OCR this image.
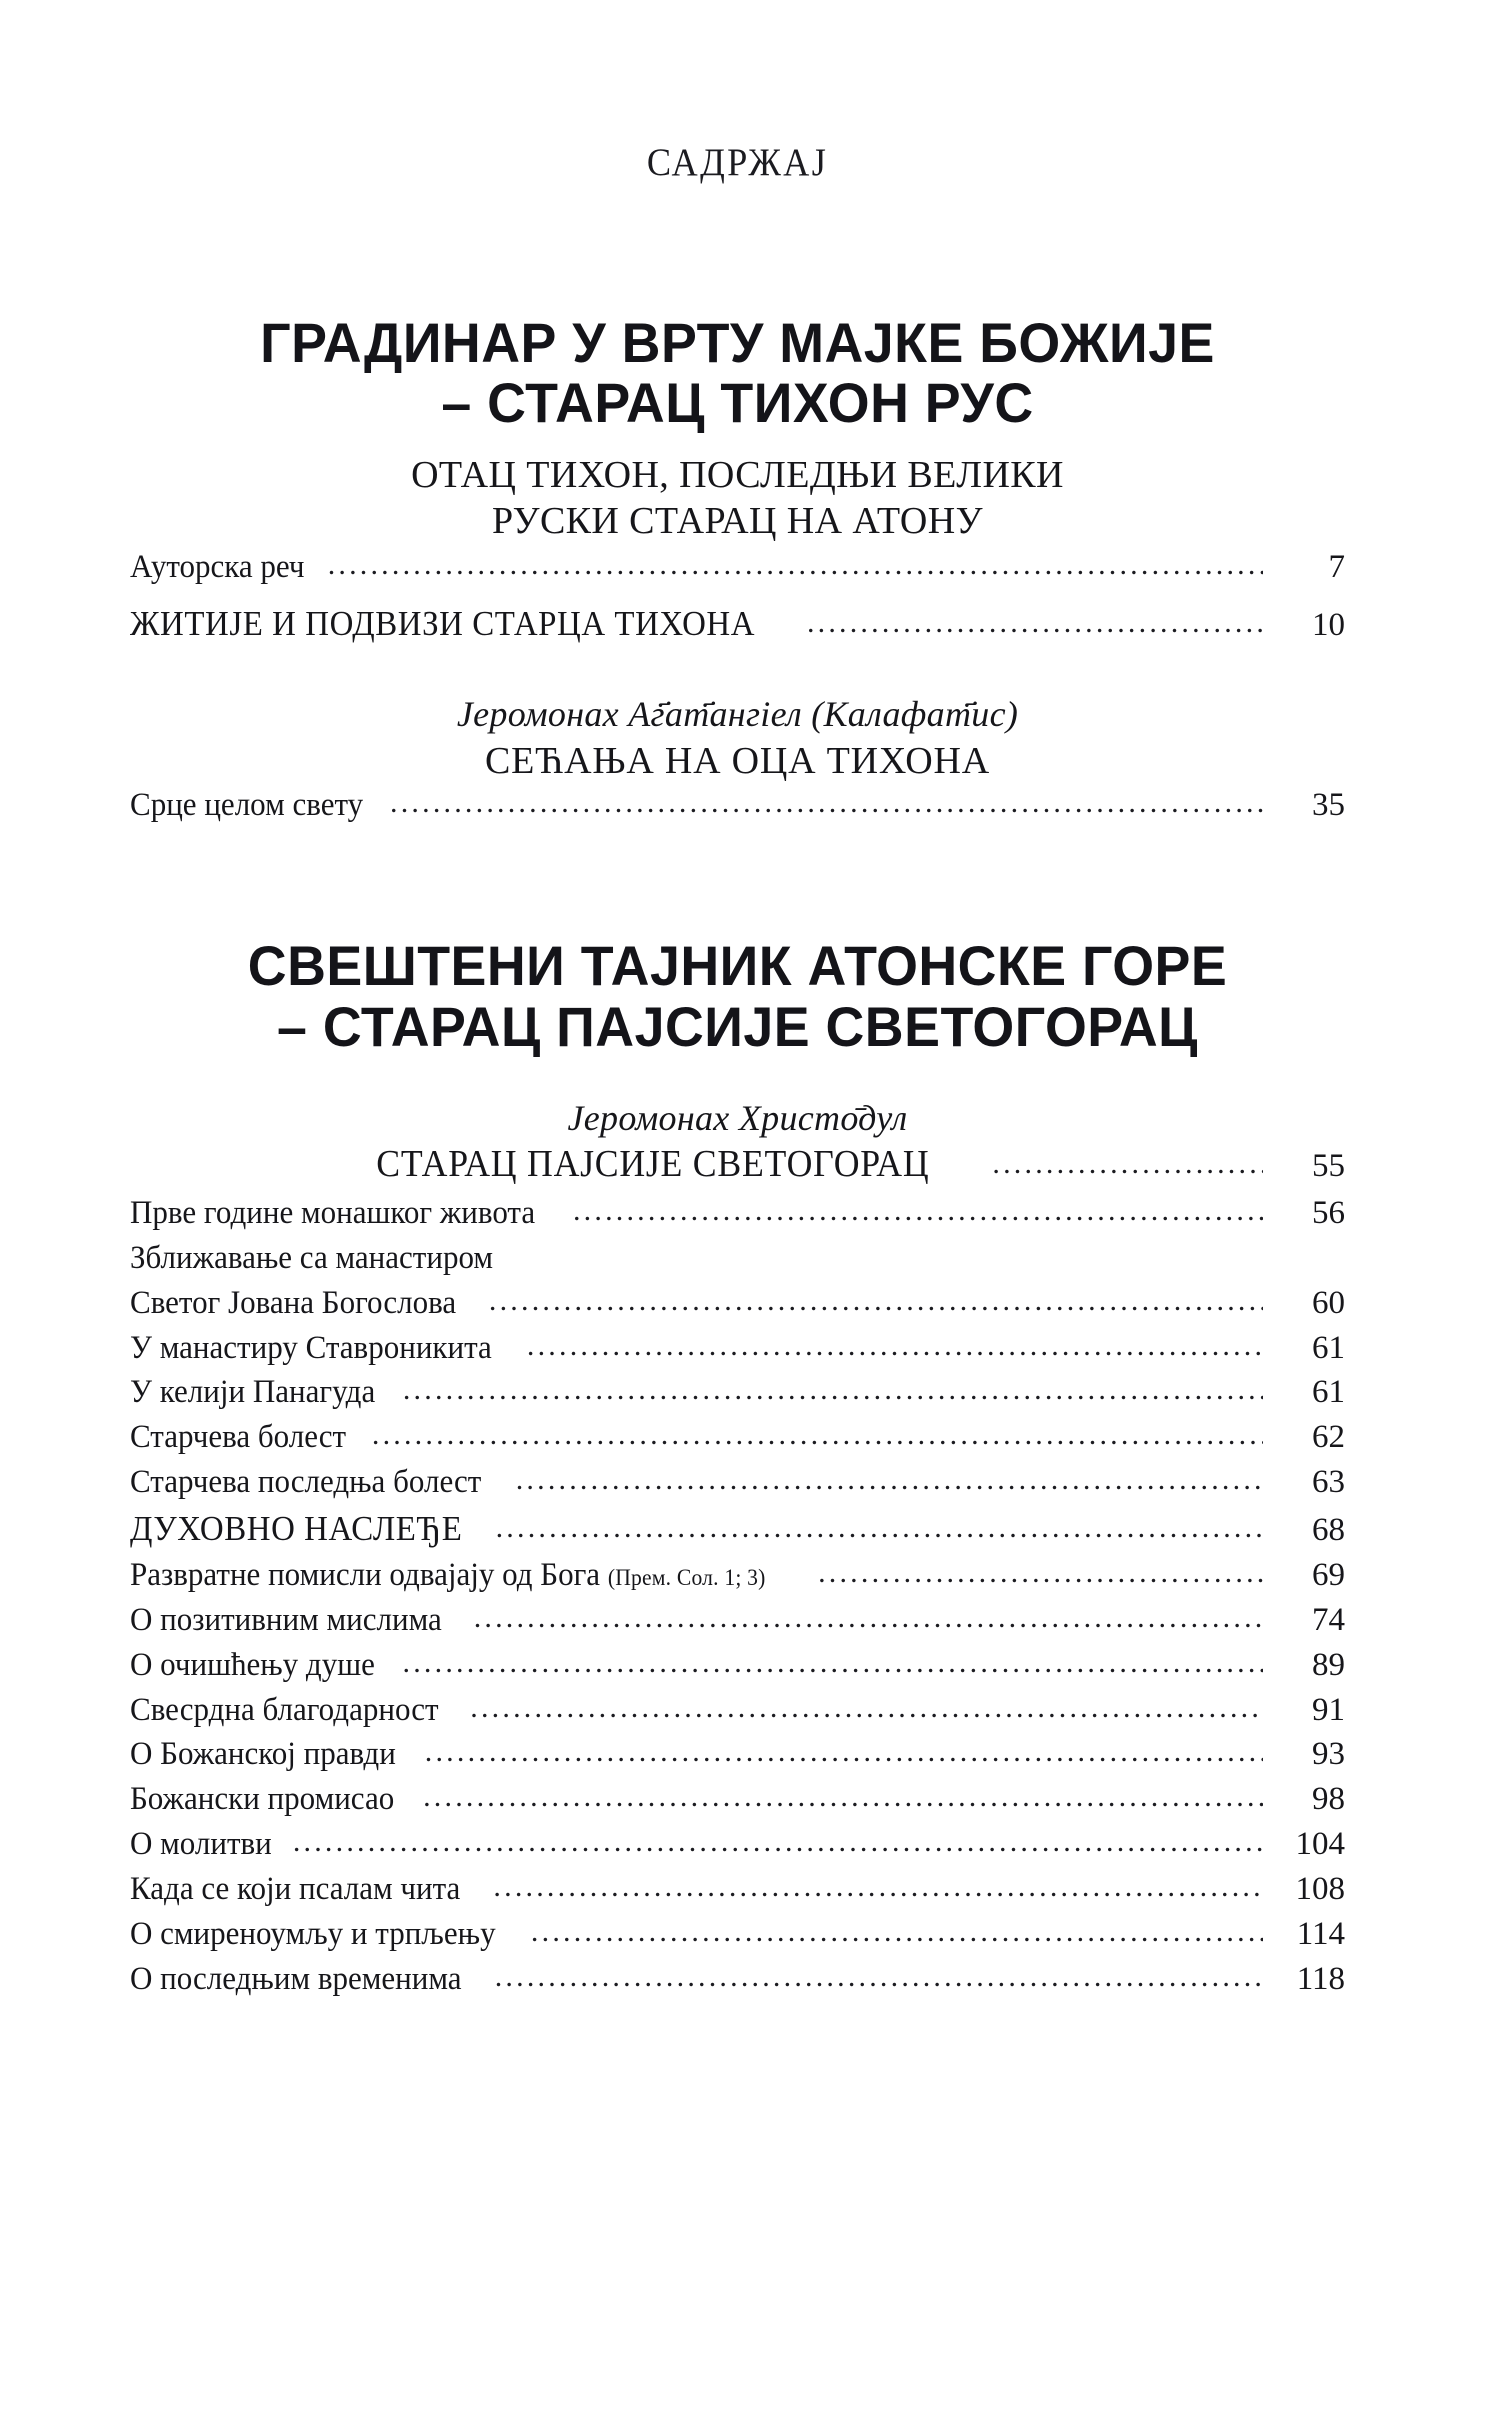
САДРЖАЈ
ГРАДИНАР У ВРТУ МАЈКЕ БОЖИЈЕ
– СТАРАЦ ТИХОН РУС
ОТАЦ ТИХОН, ПОСЛЕДЊИ ВЕЛИКИ
РУСКИ СТАРАЦ НА АТОНУ
Ауторска реч .....	7
ЖИТИЈЕ И ПОДВИЗИ СТАРЦА ТИХОНА .....	10
Јеромонах Аг҃ат҃ангіел (Калафат҃ис)
СЕЋАЊА НА ОЦА ТИХОНА
Срце целом свету .....	35
СВЕШТЕНИ ТАЈНИК АТОНСКЕ ГОРЕ
– СТАРАЦ ПАЈСИЈЕ СВЕТОГОРАЦ
Јеромонах Христо̄дул
СТАРАЦ ПАЈСИЈЕ СВЕТОГОРАЦ .....	55
Прве године монашког живота .....	56
Зближавање са манастиром
Светог Јована Богослова .....	60
У манастиру Ставроникита .....	61
У келији Панагуда .....	61
Старчева болест .....	62
Старчева последња болест .....	63
ДУХОВНО НАСЛЕЂЕ .....	68
Развратне помисли одвајају од Бога (Прем. Сол. 1; 3) .....	69
О позитивним мислима .....	74
О очишћењу душе .....	89
Свесрдна благодарност .....	91
О Божанској правди .....	93
Божански промисао .....	98
О молитви .....	104
Када се који псалам чита .....	108
О смиреноумљу и трпљењу .....	114
О последњим временима .....	118
